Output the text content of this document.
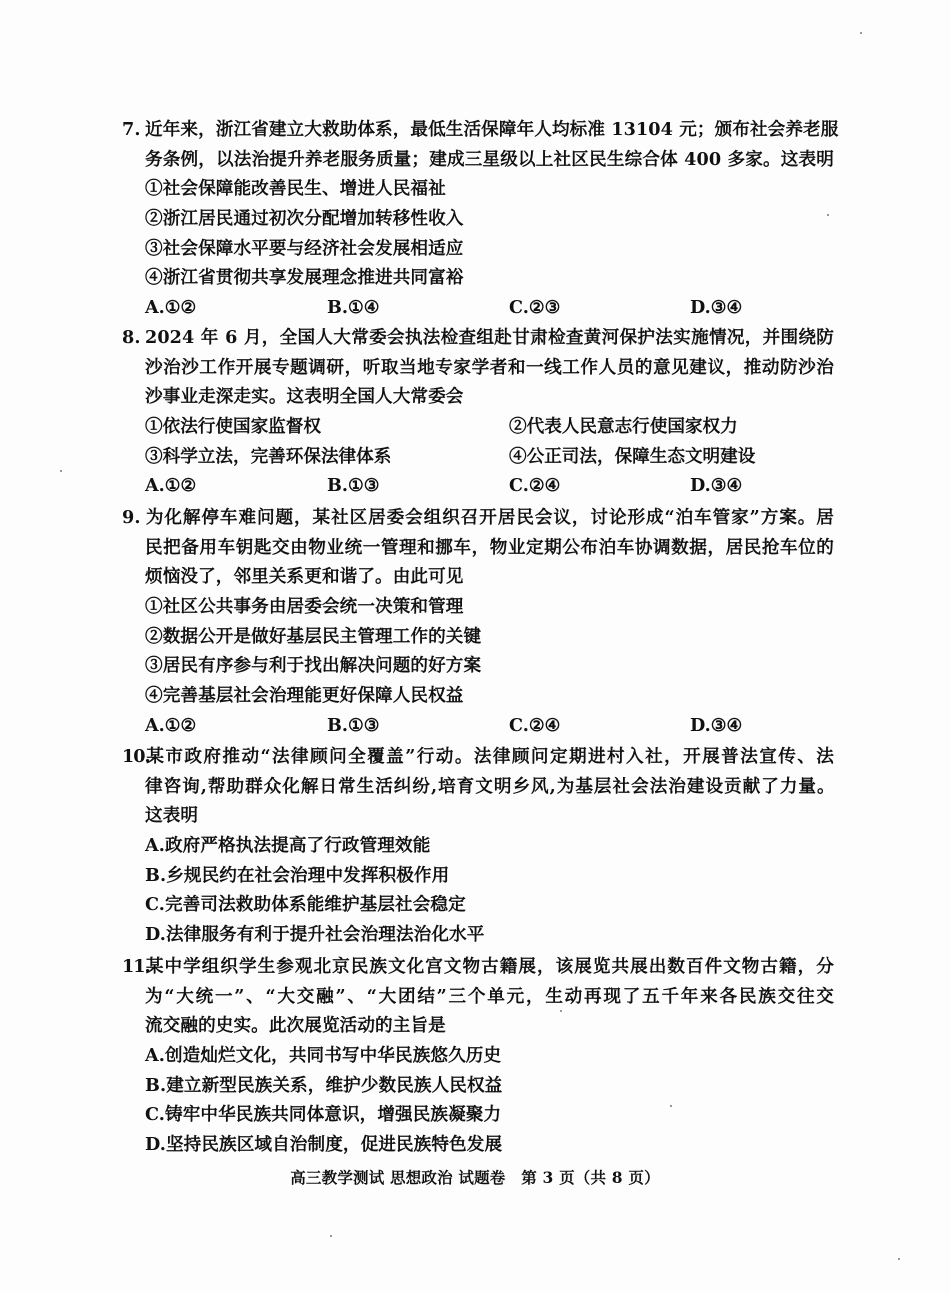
7. 近年来，浙江省建立大救助体系，最低生活保障年人均标准 13104 元；颁布社会养老服
务条例，以法治提升养老服务质量；建成三星级以上社区民生综合体 400 多家。这表明
①社会保障能改善民生、增进人民福祉
②浙江居民通过初次分配增加转移性收入
③社会保障水平要与经济社会发展相适应
④浙江省贯彻共享发展理念推进共同富裕
A.①②	B.①④	C.②③	D.③④
8. 2024 年 6 月，全国人大常委会执法检查组赴甘肃检查黄河保护法实施情况，并围绕防
沙治沙工作开展专题调研，听取当地专家学者和一线工作人员的意见建议，推动防沙治
沙事业走深走实。这表明全国人大常委会
①依法行使国家监督权	②代表人民意志行使国家权力
③科学立法，完善环保法律体系	④公正司法，保障生态文明建设
A.①②	B.①③	C.②④	D.③④
9. 为化解停车难问题，某社区居委会组织召开居民会议，讨论形成“泊车管家”方案。居
民把备用车钥匙交由物业统一管理和挪车，物业定期公布泊车协调数据，居民抢车位的
烦恼没了，邻里关系更和谐了。由此可见
①社区公共事务由居委会统一决策和管理
②数据公开是做好基层民主管理工作的关键
③居民有序参与利于找出解决问题的好方案
④完善基层社会治理能更好保障人民权益
A.①②	B.①③	C.②④	D.③④
10.某市政府推动“法律顾问全覆盖”行动。法律顾问定期进村入社，开展普法宣传、法
律咨询,帮助群众化解日常生活纠纷,培育文明乡风,为基层社会法治建设贡献了力量。
这表明
A.政府严格执法提高了行政管理效能
B.乡规民约在社会治理中发挥积极作用
C.完善司法救助体系能维护基层社会稳定
D.法律服务有利于提升社会治理法治化水平
11.某中学组织学生参观北京民族文化宫文物古籍展，该展览共展出数百件文物古籍，分
为“大统一”、“大交融”、“大团结”三个单元，生动再现了五千年来各民族交往交
流交融的史实。此次展览活动的主旨是
A.创造灿烂文化，共同书写中华民族悠久历史
B.建立新型民族关系，维护少数民族人民权益
C.铸牢中华民族共同体意识，增强民族凝聚力
D.坚持民族区域自治制度，促进民族特色发展
高三教学测试 思想政治 试题卷　第 3 页（共 8 页）
